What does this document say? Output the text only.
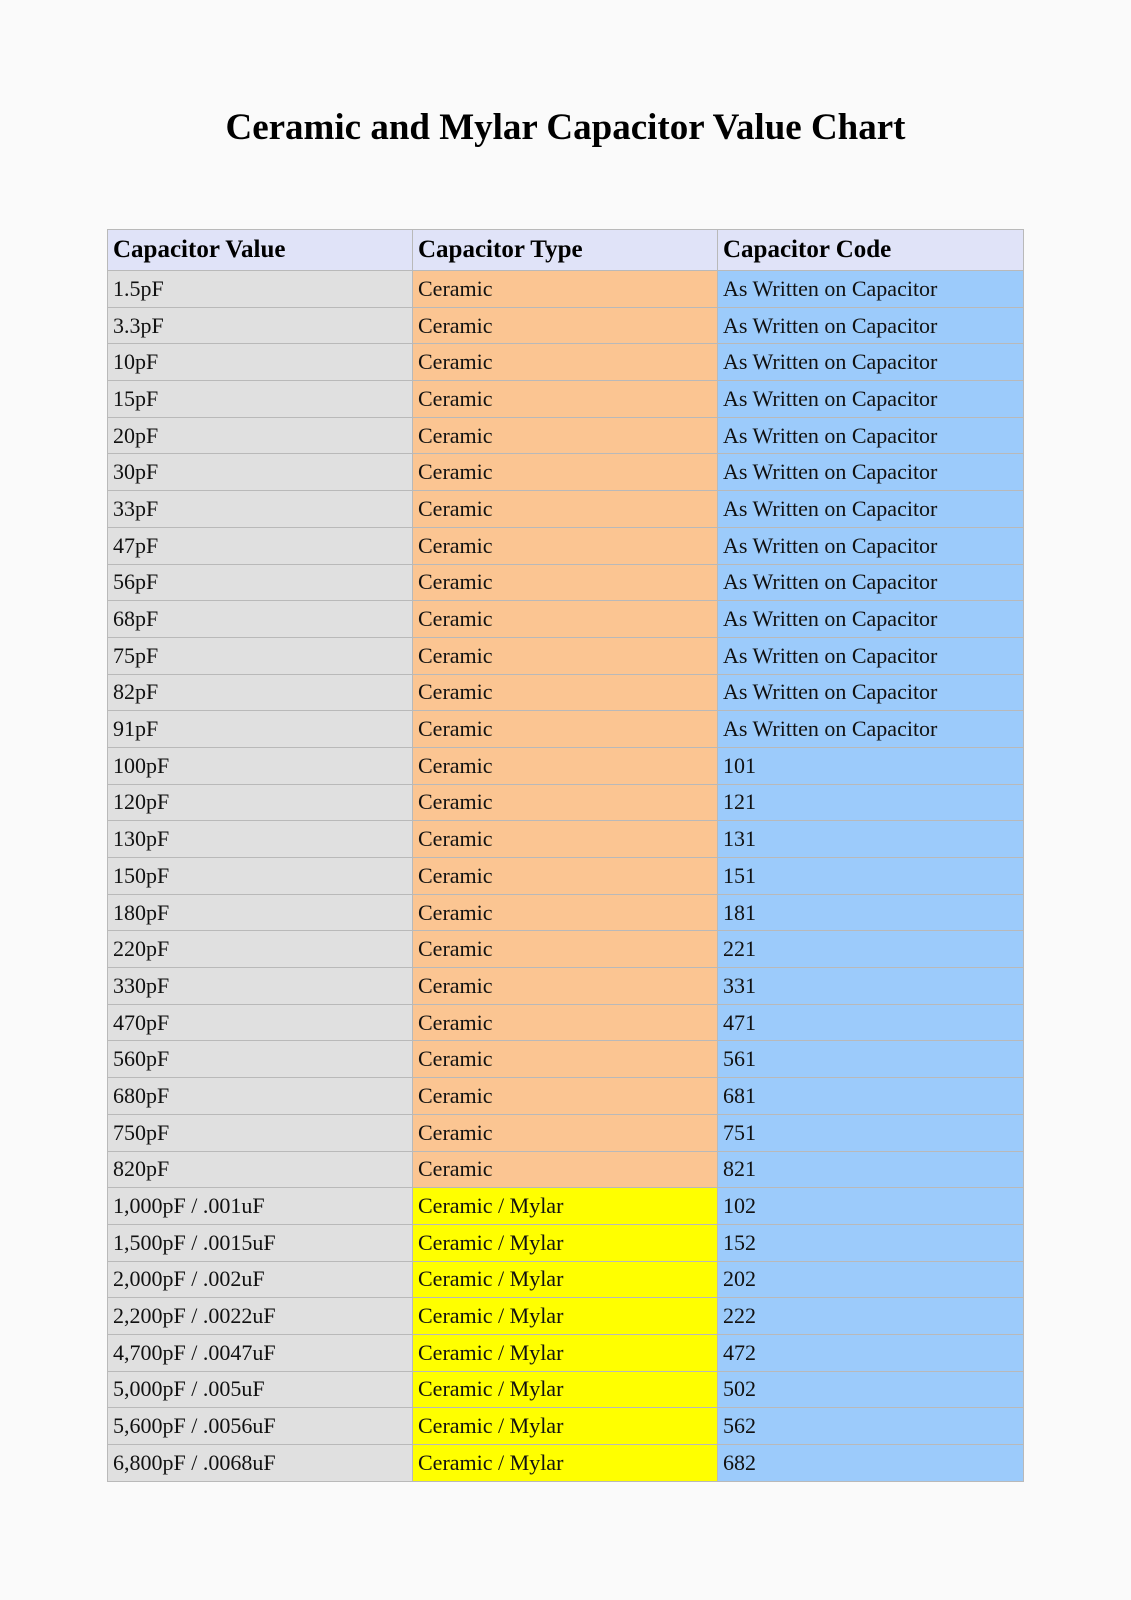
Ceramic and Mylar Capacitor Value Chart
Capacitor Value	Capacitor Type	Capacitor Code
1.5pF	Ceramic	As Written on Capacitor
3.3pF	Ceramic	As Written on Capacitor
10pF	Ceramic	As Written on Capacitor
15pF	Ceramic	As Written on Capacitor
20pF	Ceramic	As Written on Capacitor
30pF	Ceramic	As Written on Capacitor
33pF	Ceramic	As Written on Capacitor
47pF	Ceramic	As Written on Capacitor
56pF	Ceramic	As Written on Capacitor
68pF	Ceramic	As Written on Capacitor
75pF	Ceramic	As Written on Capacitor
82pF	Ceramic	As Written on Capacitor
91pF	Ceramic	As Written on Capacitor
100pF	Ceramic	101
120pF	Ceramic	121
130pF	Ceramic	131
150pF	Ceramic	151
180pF	Ceramic	181
220pF	Ceramic	221
330pF	Ceramic	331
470pF	Ceramic	471
560pF	Ceramic	561
680pF	Ceramic	681
750pF	Ceramic	751
820pF	Ceramic	821
1,000pF / .001uF	Ceramic / Mylar	102
1,500pF / .0015uF	Ceramic / Mylar	152
2,000pF / .002uF	Ceramic / Mylar	202
2,200pF / .0022uF	Ceramic / Mylar	222
4,700pF / .0047uF	Ceramic / Mylar	472
5,000pF / .005uF	Ceramic / Mylar	502
5,600pF / .0056uF	Ceramic / Mylar	562
6,800pF / .0068uF	Ceramic / Mylar	682
